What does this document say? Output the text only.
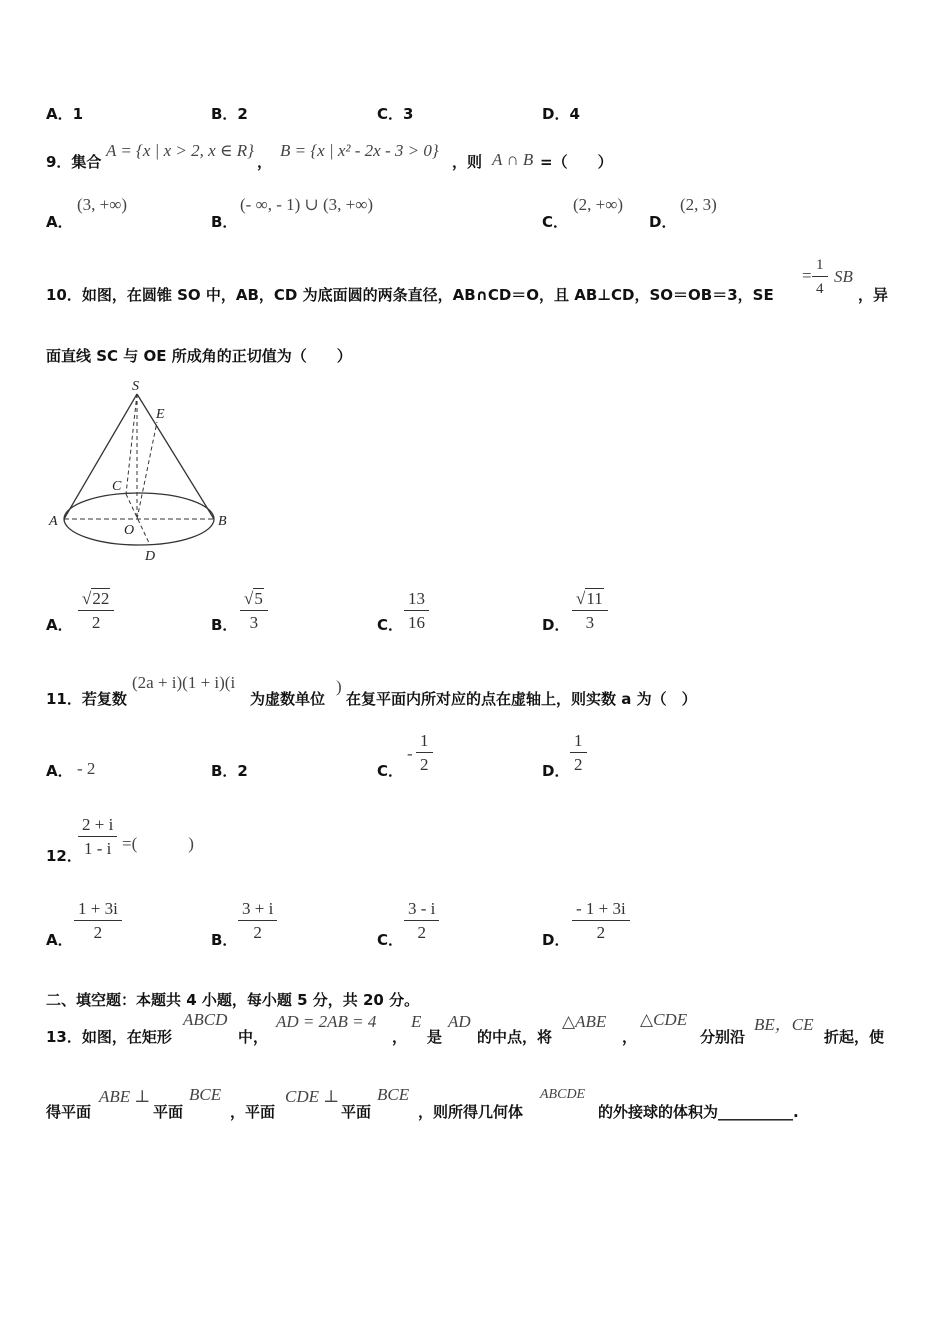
A．1	B．2	C．3	D．4
9．集合
A = {x | x > 2, x ∈ R}
，
B = {x | x² - 2x - 3 > 0}
，则 A ∩ B =（　　）
A．
(3, +∞)
B．
(- ∞, - 1) ∪ (3, +∞)
C．
(2, +∞)
D．
(2, 3)
10．如图，在圆锥 SO 中，AB，CD 为底面圆的两条直径，AB∩CD＝O，且 AB⊥CD，SO＝OB＝3，SE
= $\frac{1}{4}$ SB
，异
面直线 SC 与 OE 所成角的正切值为（　　）
S
E
C
A
O
B
D
A． $\frac{√22}{2}$	B． $\frac{√5}{3}$	C． $\frac{13}{16}$	D． $\frac{√11}{3}$
11．若复数
(2a + i)(1 + i)(i
为虚数单位
)
在复平面内所对应的点在虚轴上，则实数 a 为（　）
A． - 2	B．2	C．
- $\frac{1}{2}$	D． $\frac{1}{2}$
12．
$\frac{2 + i}{1 - i}$ =(　　　)
A． $\frac{1 + 3i}{2}$	B． $\frac{3 + i}{2}$	C． $\frac{3 - i}{2}$	D． $\frac{- 1 + 3i}{2}$
二、填空题：本题共 4 小题，每小题 5 分，共 20 分。
13．如图，在矩形
ABCD
中，
AD = 2AB = 4
，
E
是
AD
的中点，将
△ABE
，
△CDE
分别沿
BE，CE
折起，使
得平面
ABE ⊥
平面
BCE
，平面
CDE ⊥
平面
BCE
，则所得几何体
ABCDE
的外接球的体积为__________.
